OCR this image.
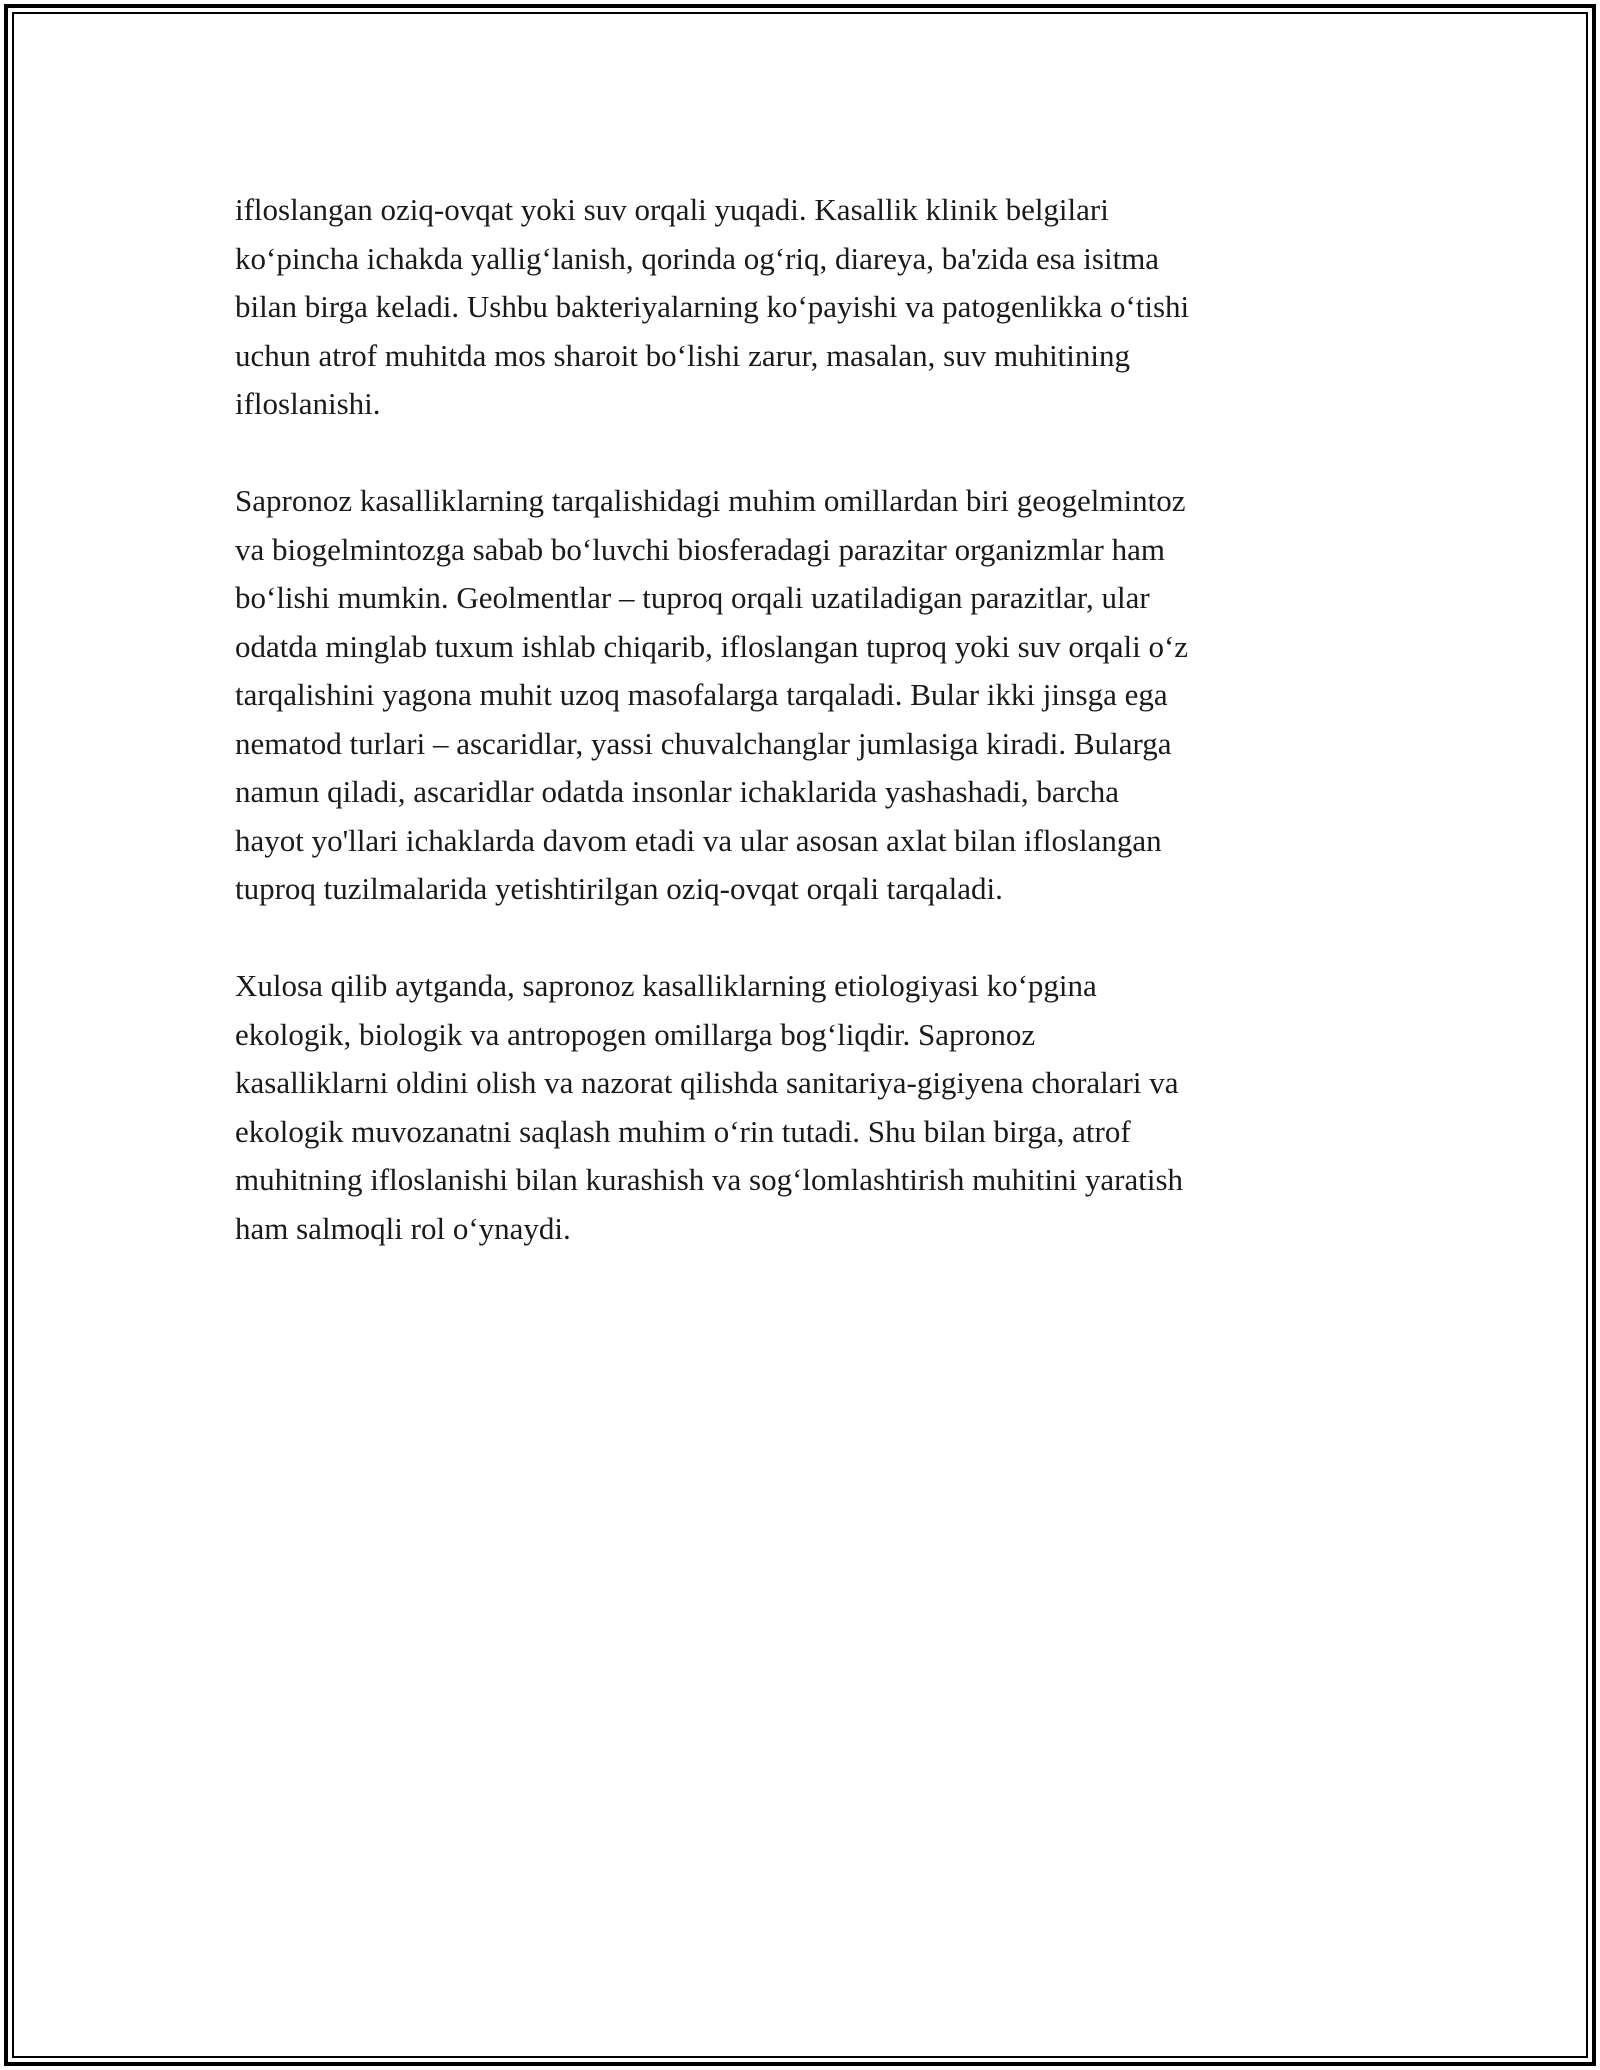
ifloslangan oziq-ovqat yoki suv orqali yuqadi. Kasallik klinik belgilari
ko‘pincha ichakda yallig‘lanish, qorinda og‘riq, diareya, ba'zida esa isitma
bilan birga keladi. Ushbu bakteriyalarning ko‘payishi va patogenlikka o‘tishi
uchun atrof muhitda mos sharoit bo‘lishi zarur, masalan, suv muhitining
ifloslanishi.

Sapronoz kasalliklarning tarqalishidagi muhim omillardan biri geogelmintoz
va biogelmintozga sabab bo‘luvchi biosferadagi parazitar organizmlar ham
bo‘lishi mumkin. Geolmentlar – tuproq orqali uzatiladigan parazitlar, ular
odatda minglab tuxum ishlab chiqarib, ifloslangan tuproq yoki suv orqali o‘z
tarqalishini yagona muhit uzoq masofalarga tarqaladi. Bular ikki jinsga ega
nematod turlari – ascaridlar, yassi chuvalchanglar jumlasiga kiradi. Bularga
namun qiladi, ascaridlar odatda insonlar ichaklarida yashashadi, barcha
hayot yo'llari ichaklarda davom etadi va ular asosan axlat bilan ifloslangan
tuproq tuzilmalarida yetishtirilgan oziq-ovqat orqali tarqaladi.

Xulosa qilib aytganda, sapronoz kasalliklarning etiologiyasi ko‘pgina
ekologik, biologik va antropogen omillarga bog‘liqdir. Sapronoz
kasalliklarni oldini olish va nazorat qilishda sanitariya-gigiyena choralari va
ekologik muvozanatni saqlash muhim o‘rin tutadi. Shu bilan birga, atrof
muhitning ifloslanishi bilan kurashish va sog‘lomlashtirish muhitini yaratish
ham salmoqli rol o‘ynaydi.
